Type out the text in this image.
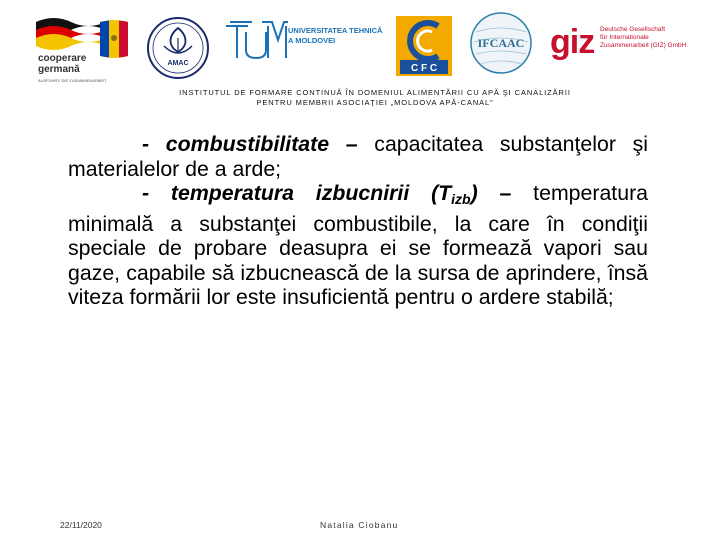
cooperare
germană
AUSFÜHRT: DIE ZUSAMMENARBEIT
AMAC
UNIVERSITATEA TEHNICĂ
A MOLDOVEI
C F C
IFCAAC giz Deutsche Gesellschaft
für Internationale
Zusammenarbeit (GIZ) GmbH
INSTITUTUL DE FORMARE CONTINUĂ ÎN DOMENIUL ALIMENTĂRII CU APĂ ŞI CANALIZĂRII
PENTRU MEMBRII ASOCIAŢIEI „MOLDOVA APĂ-CANAL”

- combustibilitate – capacitatea substanţelor şi materialelor de a arde;

- temperatura izbucnirii (Tizb) – temperatura minimală a substanţei combustibile, la care în condiţii speciale de probare deasupra ei se formează vapori sau gaze, capabile să izbucnească de la sursa de aprindere, însă viteza formării lor este insuficientă pentru o ardere stabilă;

22/11/2020	Natalia Ciobanu
